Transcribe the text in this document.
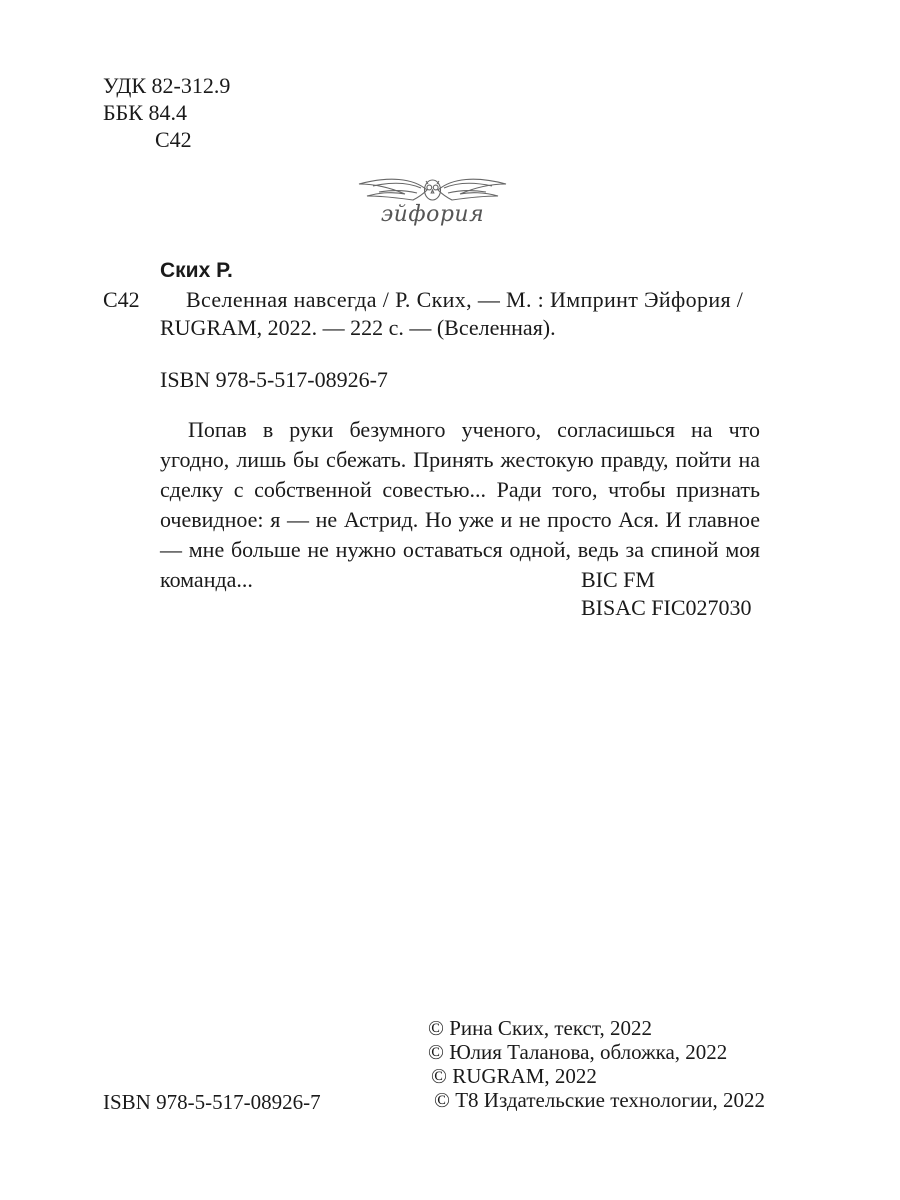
УДК 82-312.9
ББК 84.4
С42
эйфория
Ских Р.
С42 Вселенная навсегда / Р. Ских, — М. : Импринт Эйфория /
RUGRAM, 2022. — 222 с. — (Вселенная).
ISBN 978-5-517-08926-7
Попав в руки безумного ученого, согласишься на что угодно, лишь бы сбежать. Принять жестокую правду, пойти на сделку с собственной совестью... Ради того, чтобы признать очевидное: я — не Астрид. Но уже и не просто Ася. И главное — мне больше не нужно оставаться одной, ведь за спиной моя команда...	BIC FM
BISAC FIC027030
© Рина Ских, текст, 2022
© Юлия Таланова, обложка, 2022
© RUGRAM, 2022
© Т8 Издательские технологии, 2022
ISBN 978-5-517-08926-7
